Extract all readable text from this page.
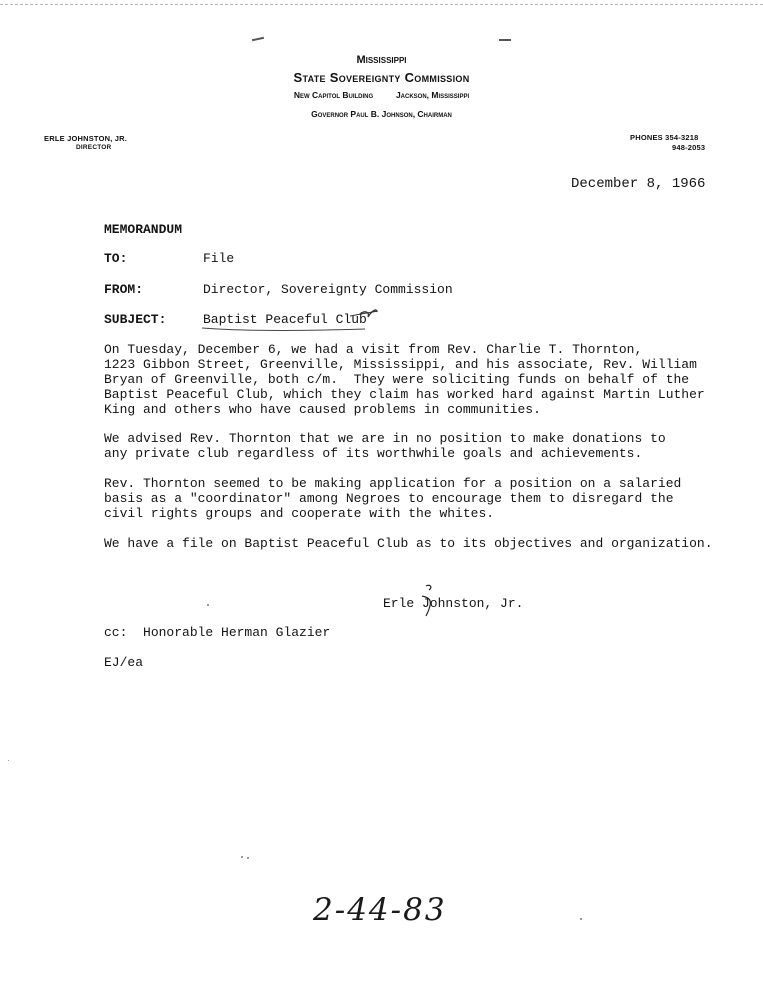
Mississippi
State Sovereignty Commission
New Capitol Building	Jackson, Mississippi
Governor Paul B. Johnson, Chairman
ERLE JOHNSTON, JR.
DIRECTOR
PHONES 354-3218
948-2053
December 8, 1966
MEMORANDUM
TO:	File
FROM:	Director, Sovereignty Commission
SUBJECT:	Baptist Peaceful Club
On Tuesday, December 6, we had a visit from Rev. Charlie T. Thornton,
1223 Gibbon Street, Greenville, Mississippi, and his associate, Rev. William
Bryan of Greenville, both c/m.  They were soliciting funds on behalf of the
Baptist Peaceful Club, which they claim has worked hard against Martin Luther
King and others who have caused problems in communities.
We advised Rev. Thornton that we are in no position to make donations to
any private club regardless of its worthwhile goals and achievements.
Rev. Thornton seemed to be making application for a position on a salaried
basis as a "coordinator" among Negroes to encourage them to disregard the
civil rights groups and cooperate with the whites.
We have a file on Baptist Peaceful Club as to its objectives and organization.
Erle Johnston, Jr.
cc: Honorable Herman Glazier
EJ/ea
2-44-83
